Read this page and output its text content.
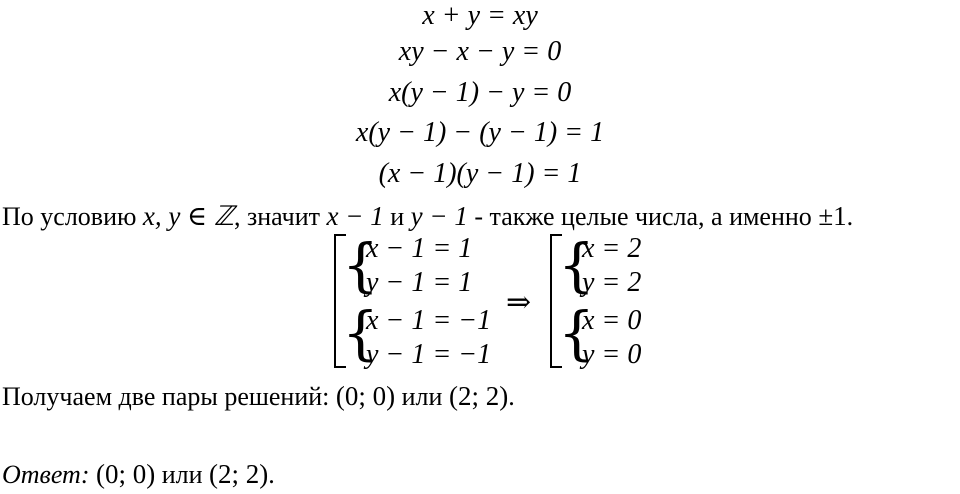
x + y = xy
xy − x − y = 0
x(y − 1) − y = 0
x(y − 1) − (y − 1) = 1
(x − 1)(y − 1) = 1
По условию x, y ∈ ℤ, значит x − 1 и y − 1 - также целые числа, а именно ±1.
{
{
x − 1 = 1
y − 1 = 1
x − 1 = −1
y − 1 = −1
⇒
{
{
x = 2
y = 2
x = 0
y = 0
Получаем две пары решений: (0; 0) или (2; 2).
Ответ: (0; 0) или (2; 2).
